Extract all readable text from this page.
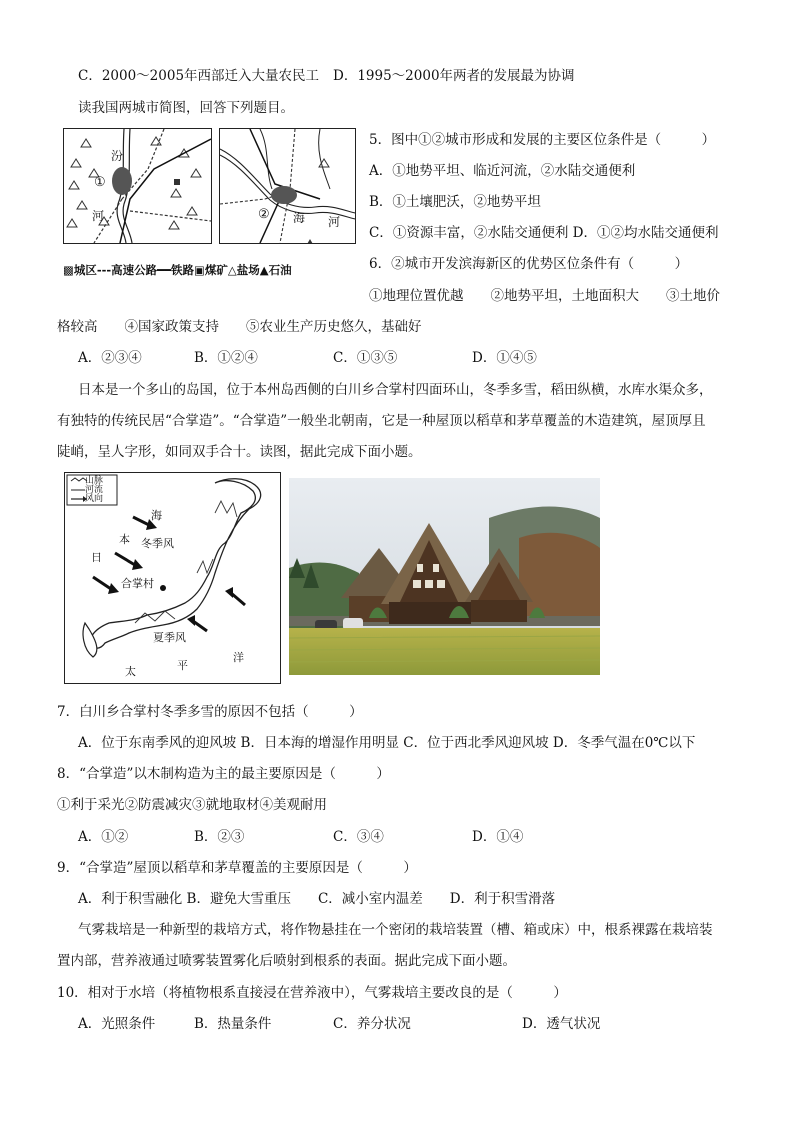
C．2000～2005年西部迁入大量农民工 D．1995～2000年两者的发展最为协调
读我国两城市简图，回答下列题目。
汾
①
河	② 海 河
▩城区---高速公路━━铁路▣煤矿△盐场▲石油
5．图中①②城市形成和发展的主要区位条件是（　　　）
A．①地势平坦、临近河流，②水陆交通便利
B．①土壤肥沃，②地势平坦
C．①资源丰富，②水陆交通便利 D．①②均水陆交通便利
6．②城市开发滨海新区的优势区位条件有（　　　）
①地理位置优越　　②地势平坦，土地面积大　　③土地价
格较高　　④国家政策支持　　⑤农业生产历史悠久，基础好
A．②③④	B．①②④	C．①③⑤	D．①④⑤
日本是一个多山的岛国，位于本州岛西侧的白川乡合掌村四面环山，冬季多雪，稻田纵横，水库水渠众多，
有独特的传统民居“合掌造”。“合掌造”一般坐北朝南，它是一种屋顶以稻草和茅草覆盖的木造建筑，屋顶厚且
陡峭，呈人字形，如同双手合十。读图，据此完成下面小题。
山脉
河流
风向
海
本 冬季风
日
合掌村
夏季风
太	平
洋
7．白川乡合掌村冬季多雪的原因不包括（　　　）
A．位于东南季风的迎风坡 B．日本海的增湿作用明显 C．位于西北季风迎风坡 D．冬季气温在0℃以下
8．“合掌造”以木制构造为主的最主要原因是（　　　）
①利于采光②防震减灾③就地取材④美观耐用
A．①②	B．②③	C．③④	D．①④
9．“合掌造”屋顶以稻草和茅草覆盖的主要原因是（　　　）
A．利于积雪融化 B．避免大雪重压　　C．减小室内温差　　D．利于积雪滑落
气雾栽培是一种新型的栽培方式，将作物悬挂在一个密闭的栽培装置（槽、箱或床）中，根系裸露在栽培装
置内部，营养液通过喷雾装置雾化后喷射到根系的表面。据此完成下面小题。
10．相对于水培（将植物根系直接浸在营养液中），气雾栽培主要改良的是（　　　）
A．光照条件	B．热量条件	C．养分状况	D．透气状况
